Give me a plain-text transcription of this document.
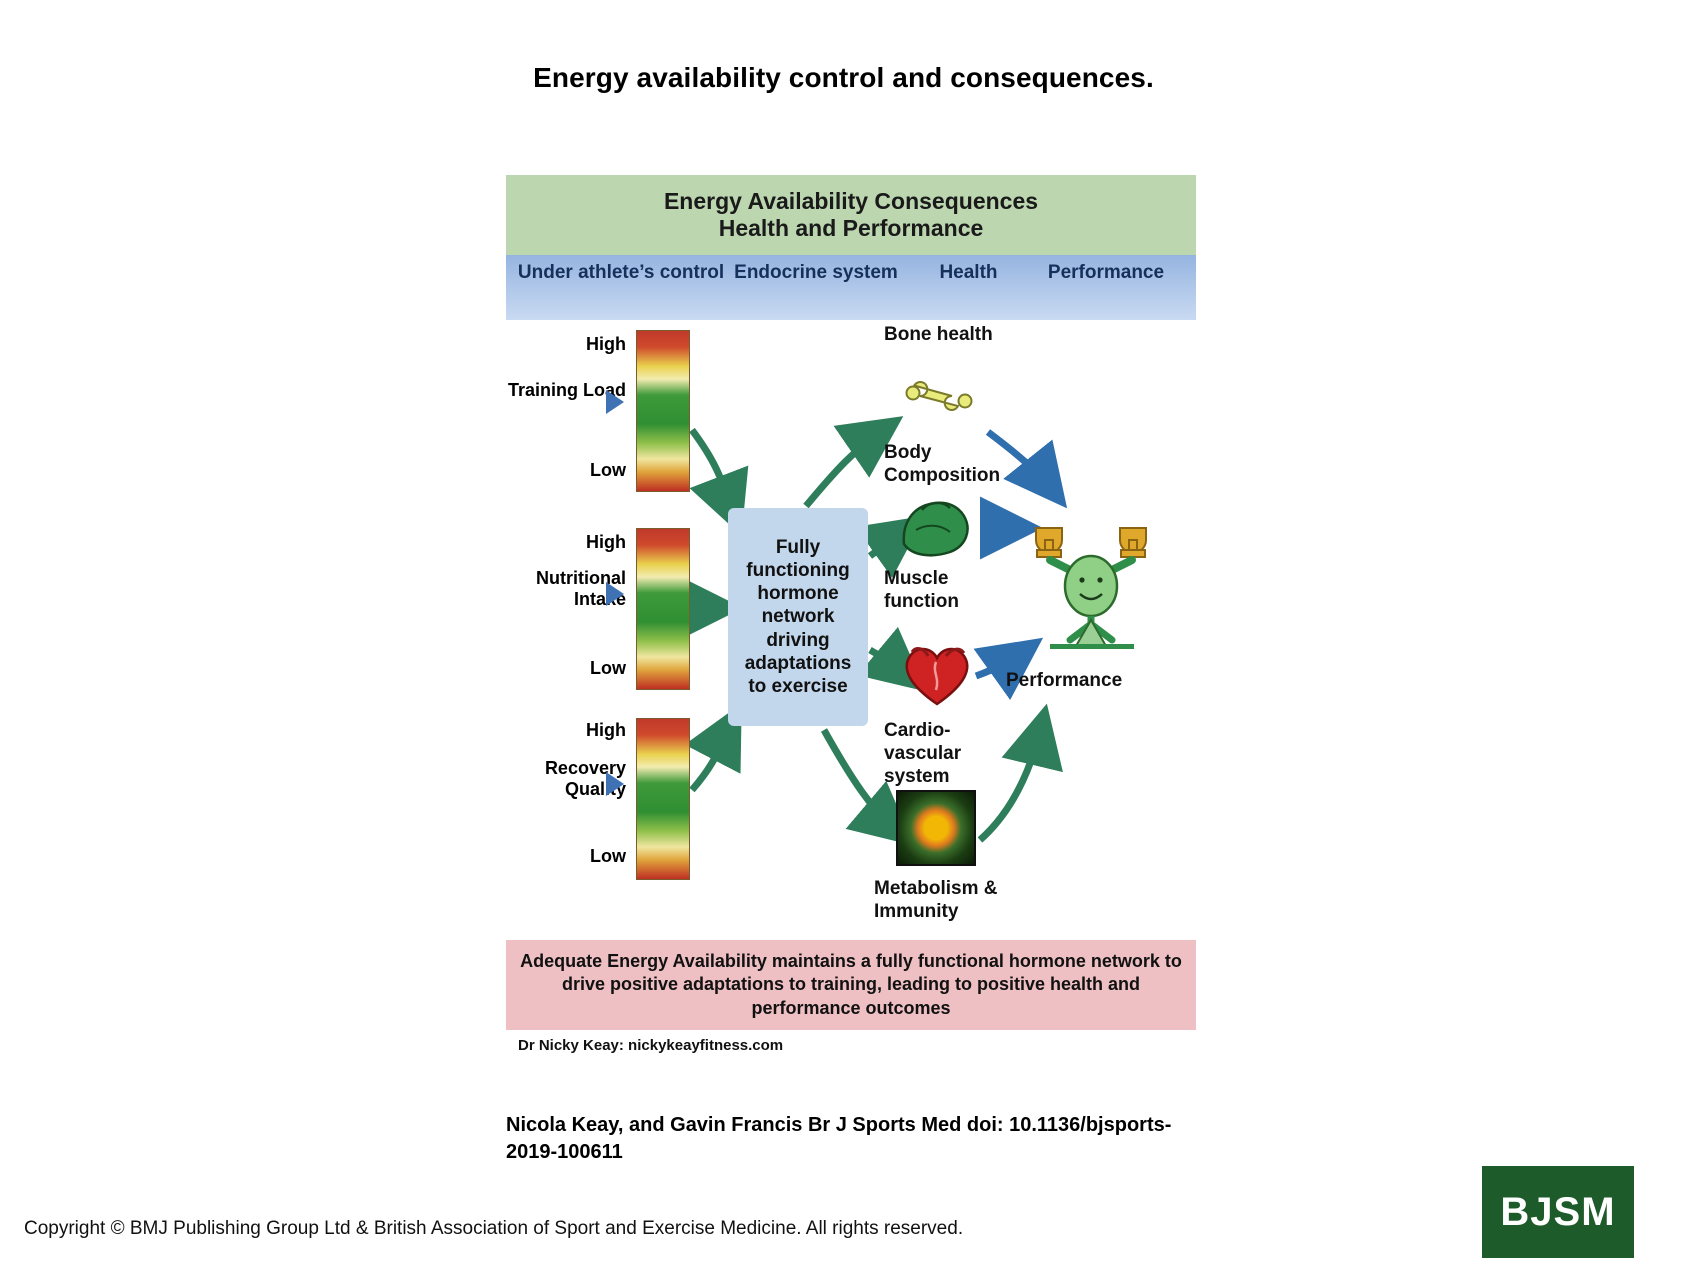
Energy availability control and consequences.
Energy Availability Consequences
Health and Performance
Under athlete’s control Endocrine system	Health	Performance
High
Low
Training Load
High
Low
Nutritional Intake
High
Low
Recovery Quality
Fully functioning hormone network driving adaptations to exercise
Bone health
Body Composition
Muscle function
Cardio-vascular system
Metabolism & Immunity
Performance
Adequate Energy Availability maintains a fully functional hormone network to drive positive adaptations to training, leading to positive health and performance outcomes
Dr Nicky Keay: nickykeayfitness.com
Nicola Keay, and Gavin Francis Br J Sports Med doi: 10.1136/bjsports-2019-100611
Copyright © BMJ Publishing Group Ltd & British Association of Sport and Exercise Medicine. All rights reserved.	BJSM
